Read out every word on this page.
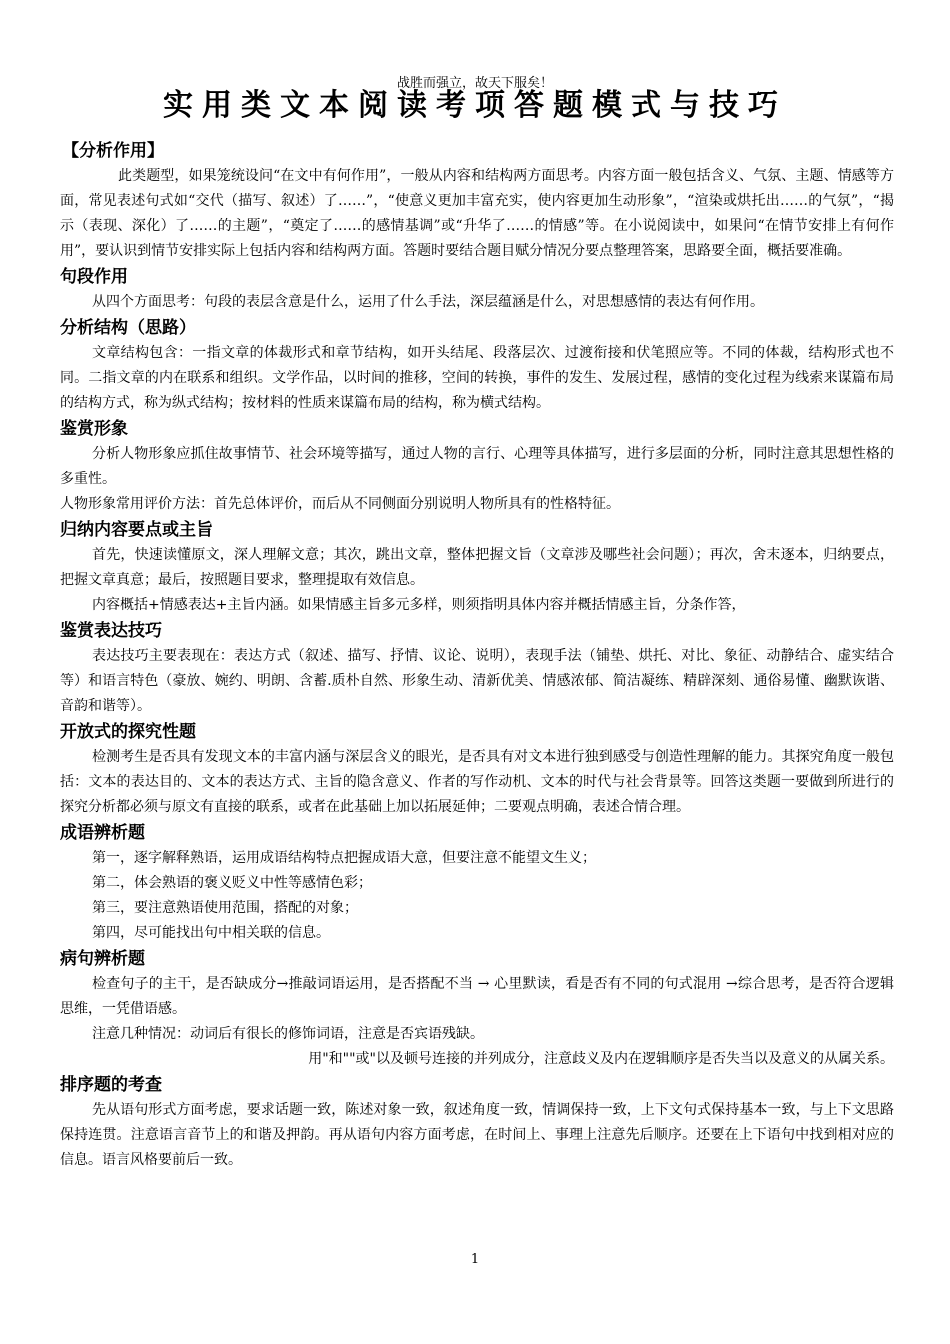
战胜而强立，故天下服矣！
实用类文本阅读考项答题模式与技巧
【分析作用】

此类题型，如果笼统设问“在文中有何作用”，一般从内容和结构两方面思考。内容方面一般包括含义、气氛、主题、情感等方面，常见表述句式如“交代（描写、叙述）了……”，“使意义更加丰富充实，使内容更加生动形象”，“渲染或烘托出……的气氛”，“揭示（表现、深化）了……的主题”，“奠定了……的感情基调”或“升华了……的情感”等。在小说阅读中，如果问“在情节安排上有何作用”，要认识到情节安排实际上包括内容和结构两方面。答题时要结合题目赋分情况分要点整理答案，思路要全面，概括要准确。

句段作用

从四个方面思考：句段的表层含意是什么，运用了什么手法，深层蕴涵是什么，对思想感情的表达有何作用。

分析结构（思路）

文章结构包含：一指文章的体裁形式和章节结构，如开头结尾、段落层次、过渡衔接和伏笔照应等。不同的体裁，结构形式也不同。二指文章的内在联系和组织。文学作品，以时间的推移，空间的转换，事件的发生、发展过程，感情的变化过程为线索来谋篇布局的结构方式，称为纵式结构；按材料的性质来谋篇布局的结构，称为横式结构。

鉴赏形象

分析人物形象应抓住故事情节、社会环境等描写，通过人物的言行、心理等具体描写，进行多层面的分析，同时注意其思想性格的多重性。

人物形象常用评价方法：首先总体评价，而后从不同侧面分别说明人物所具有的性格特征。

归纳内容要点或主旨

首先，快速读懂原文，深人理解文意；其次，跳出文章，整体把握文旨（文章涉及哪些社会问题）；再次，舍末逐本，归纳要点，把握文章真意；最后，按照题目要求，整理提取有效信息。

内容概括+情感表达+主旨内涵。如果情感主旨多元多样，则须指明具体内容并概括情感主旨，分条作答，

鉴赏表达技巧

表达技巧主要表现在：表达方式（叙述、描写、抒情、议论、说明），表现手法（铺垫、烘托、对比、象征、动静结合、虚实结合等）和语言特色（豪放、婉约、明朗、含蓄.质朴自然、形象生动、清新优美、情感浓郁、简洁凝练、精辟深刻、通俗易懂、幽默诙谐、音韵和谐等）。

开放式的探究性题

检测考生是否具有发现文本的丰富内涵与深层含义的眼光，是否具有对文本进行独到感受与创造性理解的能力。其探究角度一般包括：文本的表达目的、文本的表达方式、主旨的隐含意义、作者的写作动机、文本的时代与社会背景等。回答这类题一要做到所进行的探究分析都必须与原文有直接的联系，或者在此基础上加以拓展延伸；二要观点明确，表述合情合理。

成语辨析题

第一，逐字解释熟语，运用成语结构特点把握成语大意，但要注意不能望文生义；

第二，体会熟语的褒义贬义中性等感情色彩；

第三，要注意熟语使用范围，搭配的对象；

第四，尽可能找出句中相关联的信息。

病句辨析题

检查句子的主干，是否缺成分→推敲词语运用，是否搭配不当 → 心里默读，看是否有不同的句式混用 →综合思考，是否符合逻辑思维，一凭借语感。

注意几种情况：动词后有很长的修饰词语，注意是否宾语残缺。

用"和""或"以及顿号连接的并列成分，注意歧义及内在逻辑顺序是否失当以及意义的从属关系。

排序题的考查

先从语句形式方面考虑，要求话题一致，陈述对象一致，叙述角度一致，情调保持一致，上下文句式保持基本一致，与上下文思路保持连贯。注意语言音节上的和谐及押韵。再从语句内容方面考虑，在时间上、事理上注意先后顺序。还要在上下语句中找到相对应的信息。语言风格要前后一致。

1
